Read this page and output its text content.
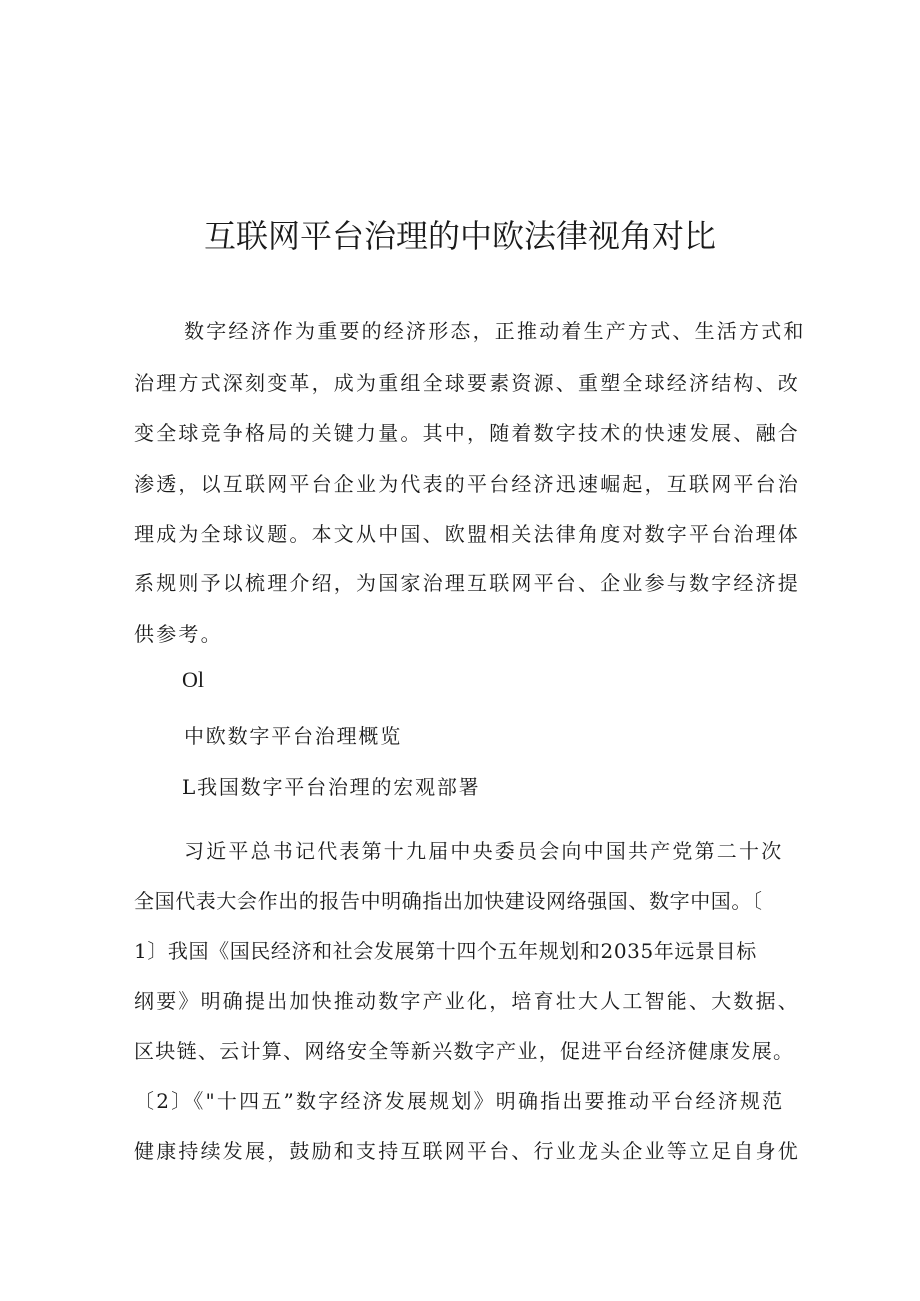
互联网平台治理的中欧法律视角对比
数字经济作为重要的经济形态，正推动着生产方式、生活方式和
治理方式深刻变革，成为重组全球要素资源、重塑全球经济结构、改
变全球竞争格局的关键力量。其中，随着数字技术的快速发展、融合
渗透，以互联网平台企业为代表的平台经济迅速崛起，互联网平台治
理成为全球议题。本文从中国、欧盟相关法律角度对数字平台治理体
系规则予以梳理介绍，为国家治理互联网平台、企业参与数字经济提
供参考。
Ol
中欧数字平台治理概览
L我国数字平台治理的宏观部署
习近平总书记代表第十九届中央委员会向中国共产党第二十次
全国代表大会作出的报告中明确指出加快建设网络强国、数字中国。〔
1〕我国《国民经济和社会发展第十四个五年规划和2035年远景目标
纲要》明确提出加快推动数字产业化，培育壮大人工智能、大数据、
区块链、云计算、网络安全等新兴数字产业，促进平台经济健康发展。
〔2〕《"十四五”数字经济发展规划》明确指出要推动平台经济规范
健康持续发展，鼓励和支持互联网平台、行业龙头企业等立足自身优
